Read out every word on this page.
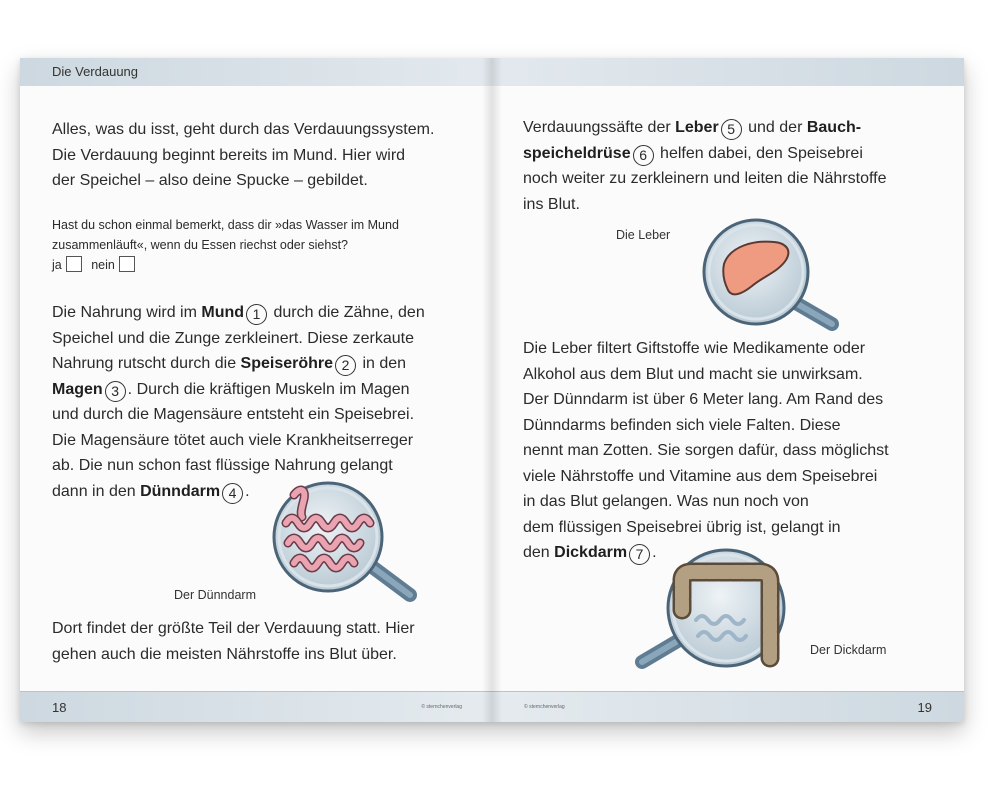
Die Verdauung

Alles, was du isst, geht durch das Verdauungssystem.
Die Verdauung beginnt bereits im Mund. Hier wird
der Speichel – also deine Spucke – gebildet.

Hast du schon einmal bemerkt, dass dir »das Wasser im Mund
zusammenläuft«, wenn du Essen riechst oder siehst?
ja nein

Die Nahrung wird im Mund 1 durch die Zähne, den
Speichel und die Zunge zerkleinert. Diese zerkaute
Nahrung rutscht durch die Speiseröhre 2 in den
Magen 3 . Durch die kräftigen Muskeln im Magen
und durch die Magensäure entsteht ein Speisebrei.
Die Magensäure tötet auch viele Krankheitserreger
ab. Die nun schon fast flüssige Nahrung gelangt
dann in den Dünndarm 4 .

Der Dünndarm

Dort findet der größte Teil der Verdauung statt. Hier
gehen auch die meisten Nährstoffe ins Blut über.

18	© sternchenverlag

Verdauungssäfte der Leber 5 und der Bauch-
speicheldrüse 6 helfen dabei, den Speisebrei
noch weiter zu zerkleinern und leiten die Nährstoffe
ins Blut.

Die Leber

Die Leber filtert Giftstoffe wie Medikamente oder
Alkohol aus dem Blut und macht sie unwirksam.
Der Dünndarm ist über 6 Meter lang. Am Rand des
Dünndarms befinden sich viele Falten. Diese
nennt man Zotten. Sie sorgen dafür, dass möglichst
viele Nährstoffe und Vitamine aus dem Speisebrei
in das Blut gelangen. Was nun noch von
dem flüssigen Speisebrei übrig ist, gelangt in
den Dickdarm 7 .

Der Dickdarm
© sternchenverlag	19
